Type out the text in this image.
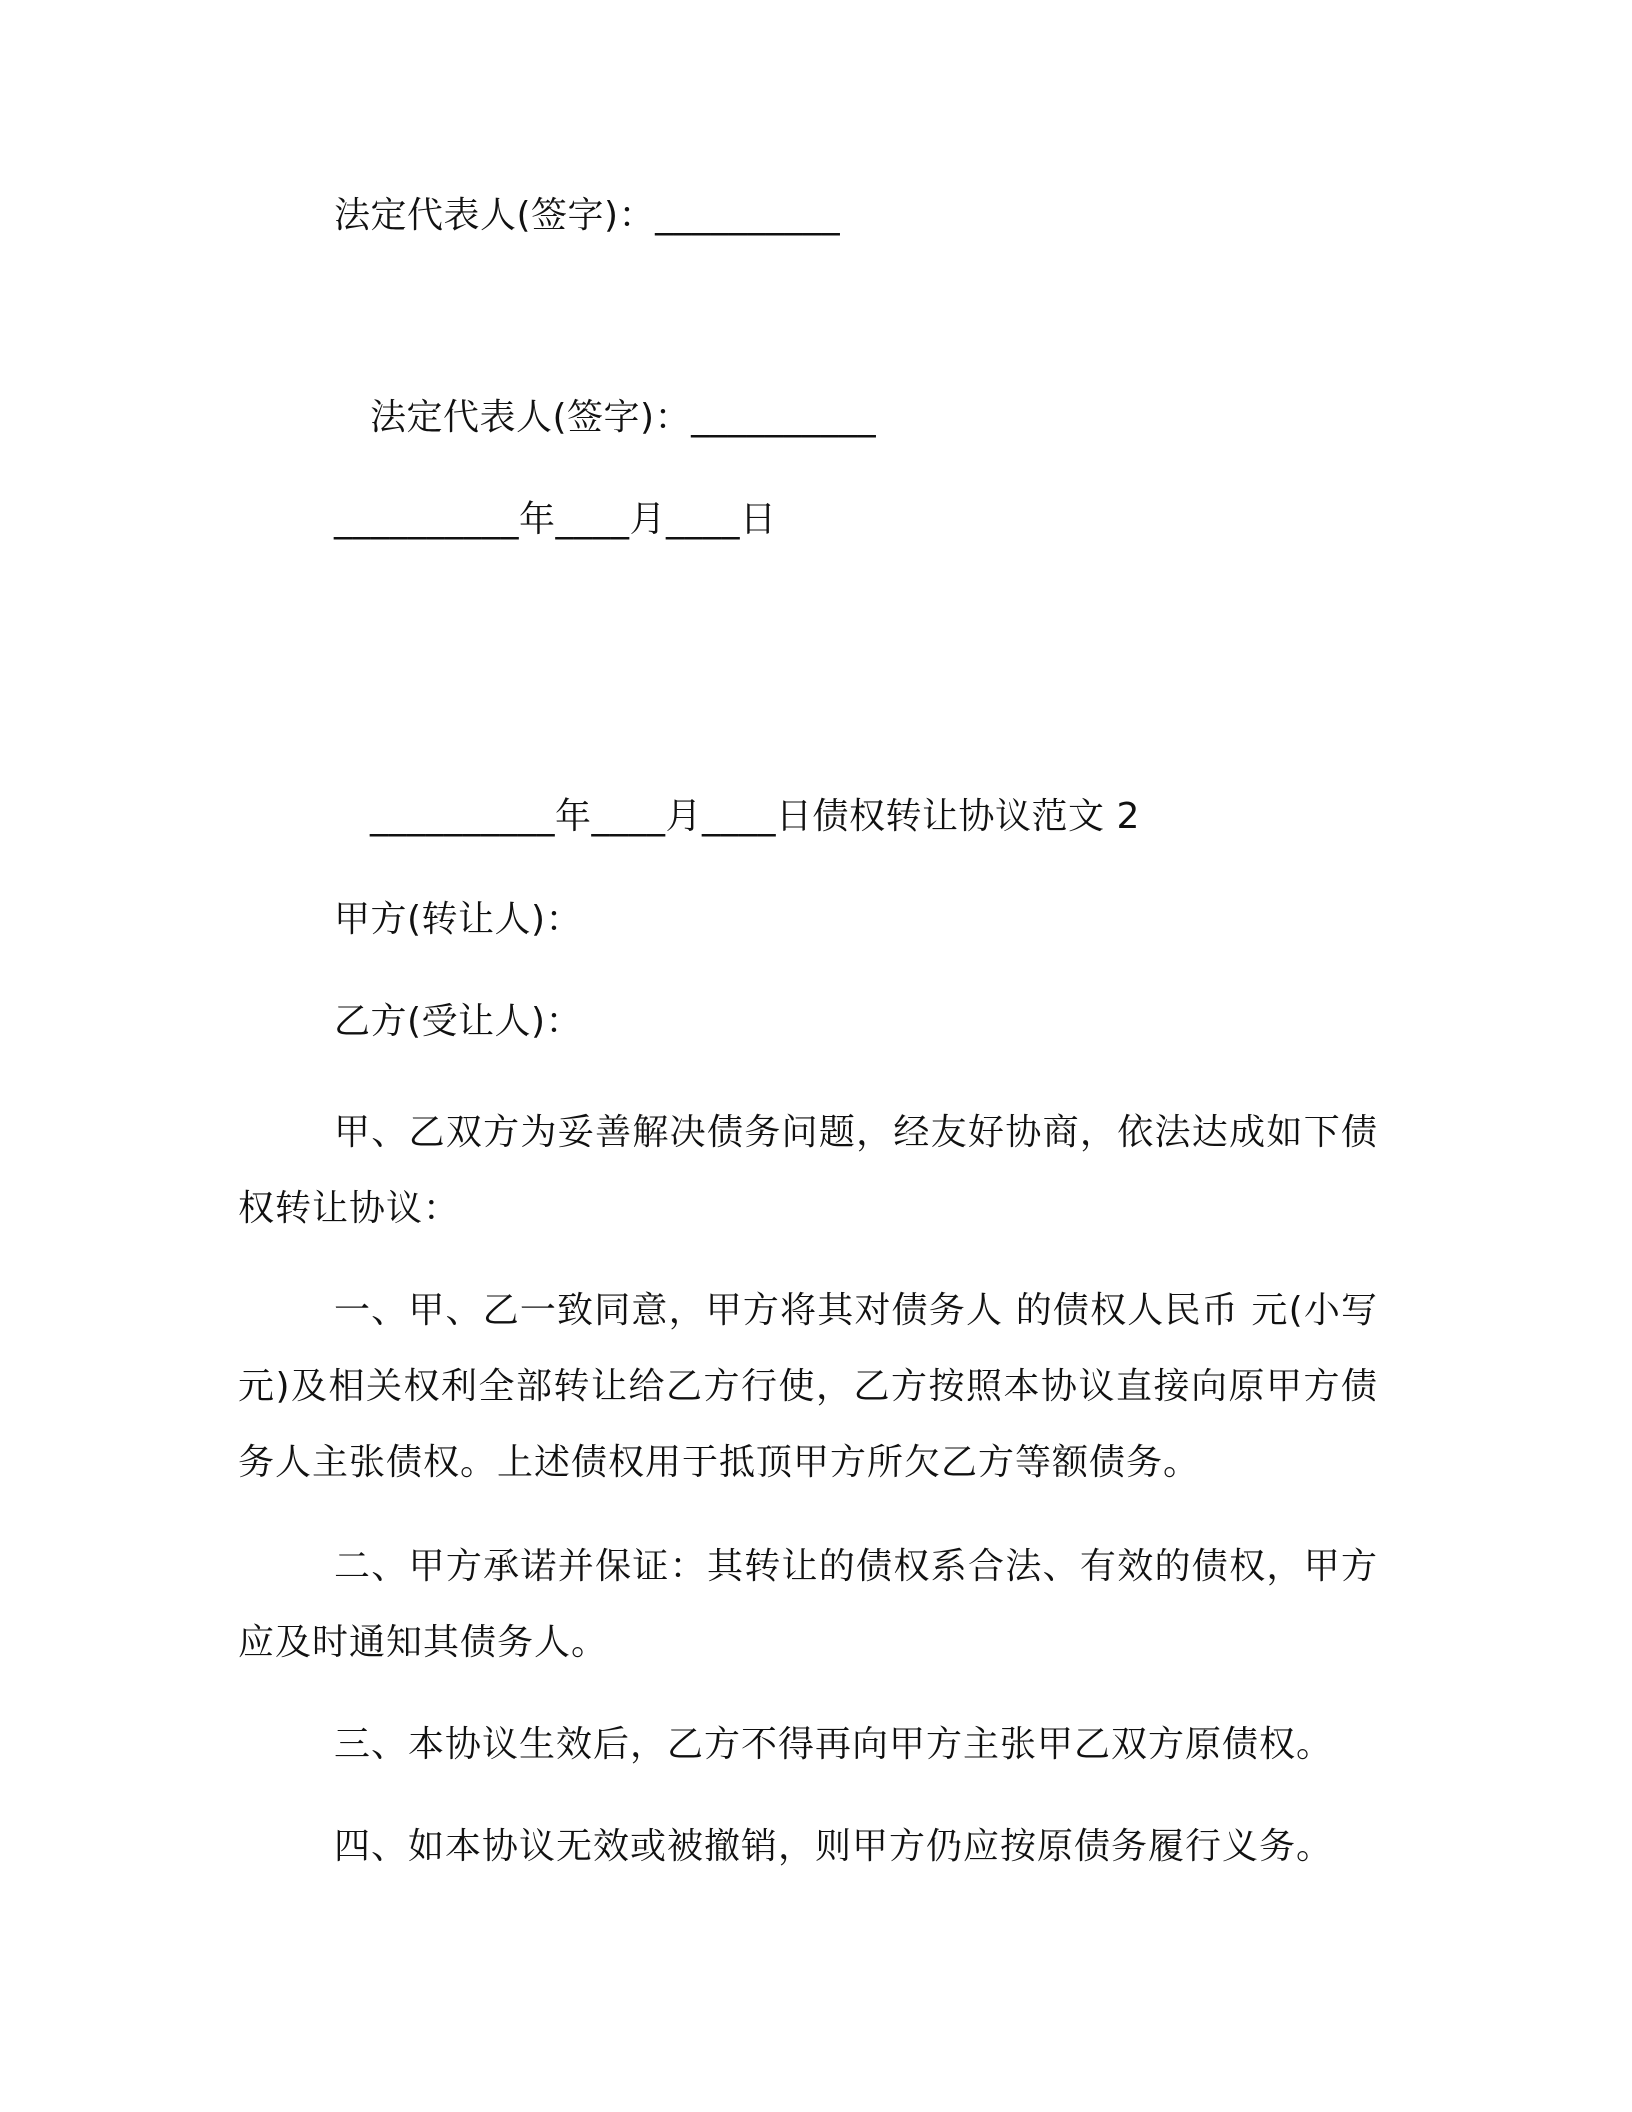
法定代表人(签字)：__________
法定代表人(签字)：__________
__________年____月____日
__________年____月____日债权转让协议范文 2
甲方(转让人)：
乙方(受让人)：
甲、乙双方为妥善解决债务问题，经友好协商，依法达成如下债权转让协议：
一、甲、乙一致同意，甲方将其对债务人 的债权人民币 元(小写 元)及相关权利全部转让给乙方行使，乙方按照本协议直接向原甲方债务人主张债权。上述债权用于抵顶甲方所欠乙方等额债务。
二、甲方承诺并保证：其转让的债权系合法、有效的债权，甲方应及时通知其债务人。
三、本协议生效后，乙方不得再向甲方主张甲乙双方原债权。
四、如本协议无效或被撤销，则甲方仍应按原债务履行义务。
